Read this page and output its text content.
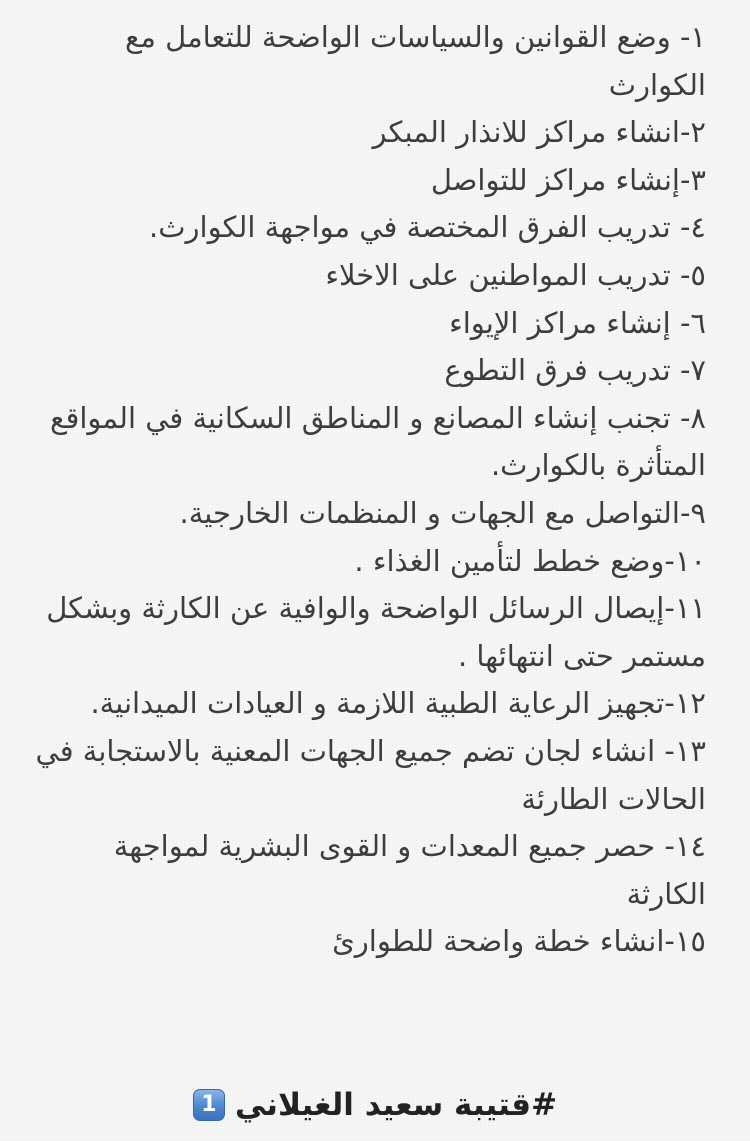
١- وضع القوانين والسياسات الواضحة للتعامل مع الكوارث

٢-انشاء مراكز للانذار المبكر

٣-إنشاء مراكز للتواصل

٤- تدريب الفرق المختصة في مواجهة الكوارث.

٥- تدريب المواطنين على الاخلاء

٦- إنشاء مراكز الإيواء

٧- تدريب فرق التطوع

٨- تجنب إنشاء المصانع و المناطق السكانية في المواقع المتأثرة بالكوارث.

٩-التواصل مع الجهات و المنظمات الخارجية.

١٠-وضع خطط لتأمين الغذاء .

١١-إيصال الرسائل الواضحة والوافية عن الكارثة وبشكل مستمر حتى انتهائها .

١٢-تجهيز الرعاية الطبية اللازمة و العيادات الميدانية.

١٣- انشاء لجان تضم جميع الجهات المعنية بالاستجابة في الحالات الطارئة

١٤- حصر جميع المعدات و القوى البشرية لمواجهة الكارثة

١٥-انشاء خطة واضحة للطوارئ

#قتيبة سعيد الغيلاني
1
